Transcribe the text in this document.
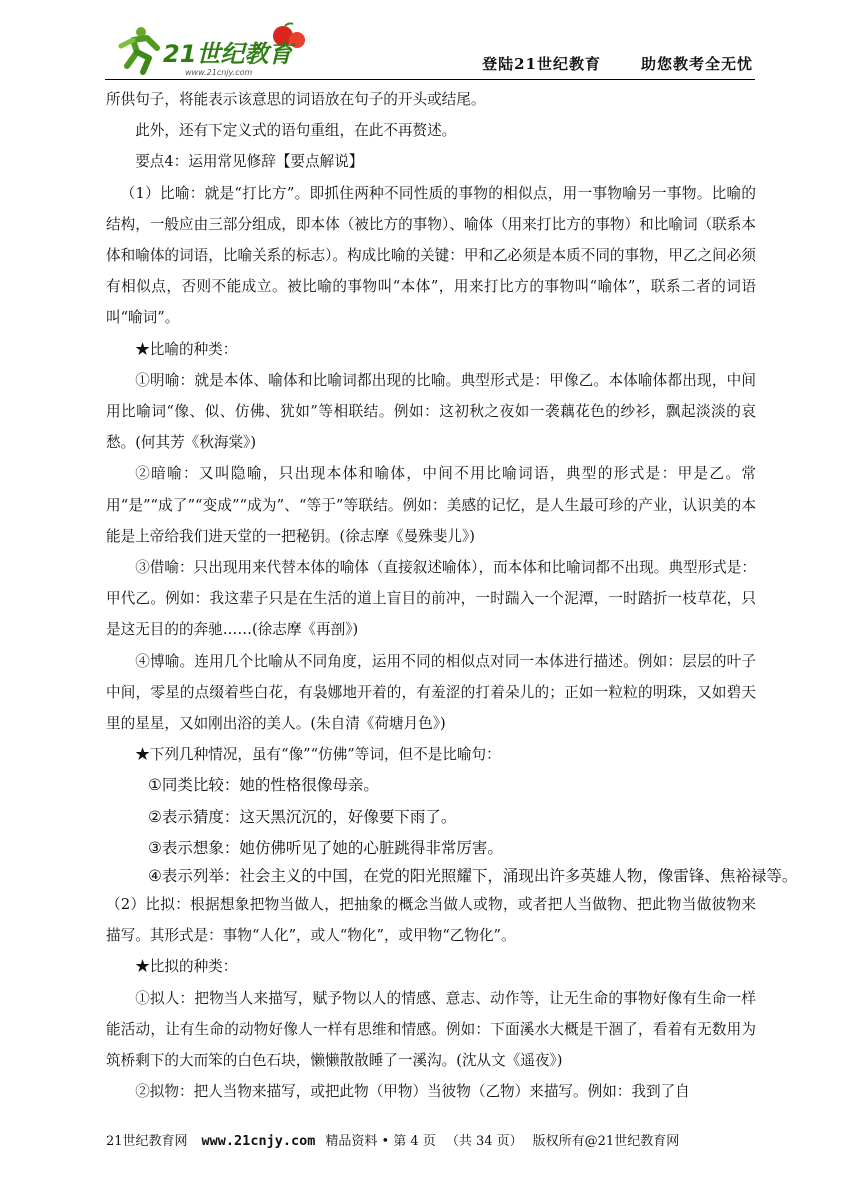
21世纪教育
www.21cnjy.com	登陆21世纪教育	助您教考全无忧

所供句子，将能表示该意思的词语放在句子的开头或结尾。

此外，还有下定义式的语句重组，在此不再赘述。

要点4：运用常见修辞【要点解说】

（1）比喻：就是“打比方”。即抓住两种不同性质的事物的相似点，用一事物喻另一事物。比喻的结构，一般应由三部分组成，即本体（被比方的事物）、喻体（用来打比方的事物）和比喻词（联系本体和喻体的词语，比喻关系的标志）。构成比喻的关键：甲和乙必须是本质不同的事物，甲乙之间必须有相似点，否则不能成立。被比喻的事物叫“本体”，用来打比方的事物叫“喻体”，联系二者的词语叫“喻词”。

★比喻的种类：

①明喻：就是本体、喻体和比喻词都出现的比喻。典型形式是：甲像乙。本体喻体都出现，中间用比喻词“像、似、仿佛、犹如”等相联结。例如：这初秋之夜如一袭藕花色的纱衫，飘起淡淡的哀愁。(何其芳《秋海棠》)

②暗喻：又叫隐喻，只出现本体和喻体，中间不用比喻词语，典型的形式是：甲是乙。常用“是”“成了”“变成”“成为”、“等于”等联结。例如：美感的记忆，是人生最可珍的产业，认识美的本能是上帝给我们进天堂的一把秘钥。(徐志摩《曼殊斐儿》)

③借喻：只出现用来代替本体的喻体（直接叙述喻体），而本体和比喻词都不出现。典型形式是：甲代乙。例如：我这辈子只是在生活的道上盲目的前冲，一时踹入一个泥潭，一时踏折一枝草花，只是这无目的的奔驰……(徐志摩《再剖》)

④博喻。连用几个比喻从不同角度，运用不同的相似点对同一本体进行描述。例如：层层的叶子中间，零星的点缀着些白花，有袅娜地开着的，有羞涩的打着朵儿的；正如一粒粒的明珠，又如碧天里的星星，又如刚出浴的美人。(朱自清《荷塘月色》)

★下列几种情况，虽有“像”“仿佛”等词，但不是比喻句：

①同类比较：她的性格很像母亲。

②表示猜度：这天黑沉沉的，好像要下雨了。

③表示想象：她仿佛听见了她的心脏跳得非常厉害。

④表示列举：社会主义的中国，在党的阳光照耀下，涌现出许多英雄人物，像雷锋、焦裕禄等。

（2）比拟：根据想象把物当做人，把抽象的概念当做人或物，或者把人当做物、把此物当做彼物来描写。其形式是：事物“人化”，或人“物化”，或甲物“乙物化”。

★比拟的种类：

①拟人：把物当人来描写，赋予物以人的情感、意志、动作等，让无生命的事物好像有生命一样能活动，让有生命的动物好像人一样有思维和情感。例如：下面溪水大概是干涸了，看着有无数用为筑桥剩下的大而笨的白色石块，懒懒散散睡了一溪沟。(沈从文《遥夜》)

②拟物：把人当物来描写，或把此物（甲物）当彼物（乙物）来描写。例如：我到了自

21世纪教育网 www.21cnjy.com 精品资料 • 第 4 页 （共 34 页） 版权所有@21世纪教育网
